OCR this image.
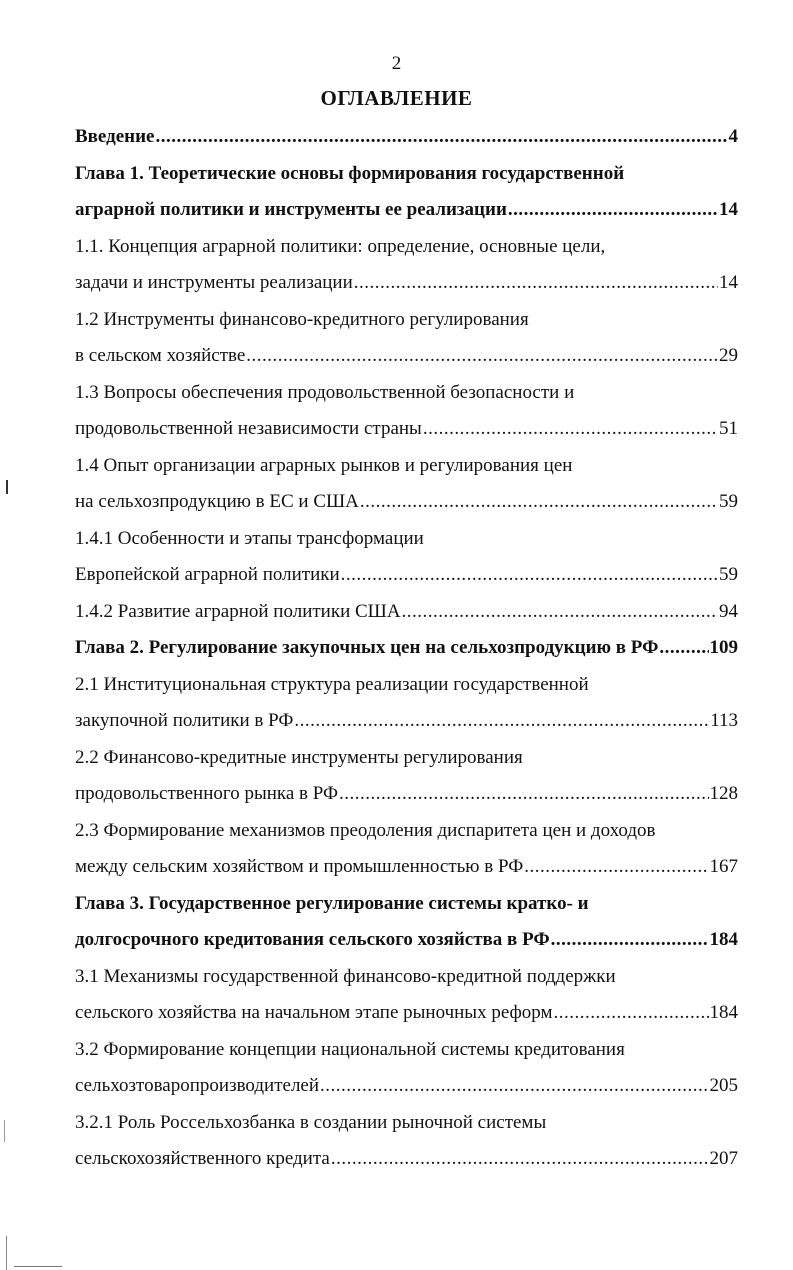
2
ОГЛАВЛЕНИЕ
Введение .....	4
Глава 1. Теоретические основы формирования государственной
аграрной политики и инструменты ее реализации .....	14
1.1. Концепция аграрной политики: определение, основные цели,
задачи и инструменты реализации .....	14
1.2 Инструменты финансово-кредитного регулирования
в сельском хозяйстве .....	29
1.3 Вопросы обеспечения продовольственной безопасности и
продовольственной независимости страны .....	51
1.4 Опыт организации аграрных рынков и регулирования цен
на сельхозпродукцию в ЕС и США .....	59
1.4.1 Особенности и этапы трансформации
Европейской аграрной политики .....	59
1.4.2 Развитие аграрной политики США .....	94
Глава 2. Регулирование закупочных цен на сельхозпродукцию в РФ .....	109
2.1 Институциональная структура реализации государственной
закупочной политики в РФ .....	113
2.2 Финансово-кредитные инструменты регулирования
продовольственного рынка в РФ .....	128
2.3 Формирование механизмов преодоления диспаритета цен и доходов
между сельским хозяйством и промышленностью в РФ .....	167
Глава 3. Государственное регулирование системы кратко- и
долгосрочного кредитования сельского хозяйства в РФ .....	184
3.1 Механизмы государственной финансово-кредитной поддержки
сельского хозяйства на начальном этапе рыночных реформ .....	184
3.2 Формирование концепции национальной системы кредитования
сельхозтоваропроизводителей .....	205
3.2.1 Роль Россельхозбанка в создании рыночной системы
сельскохозяйственного кредита .....	207
